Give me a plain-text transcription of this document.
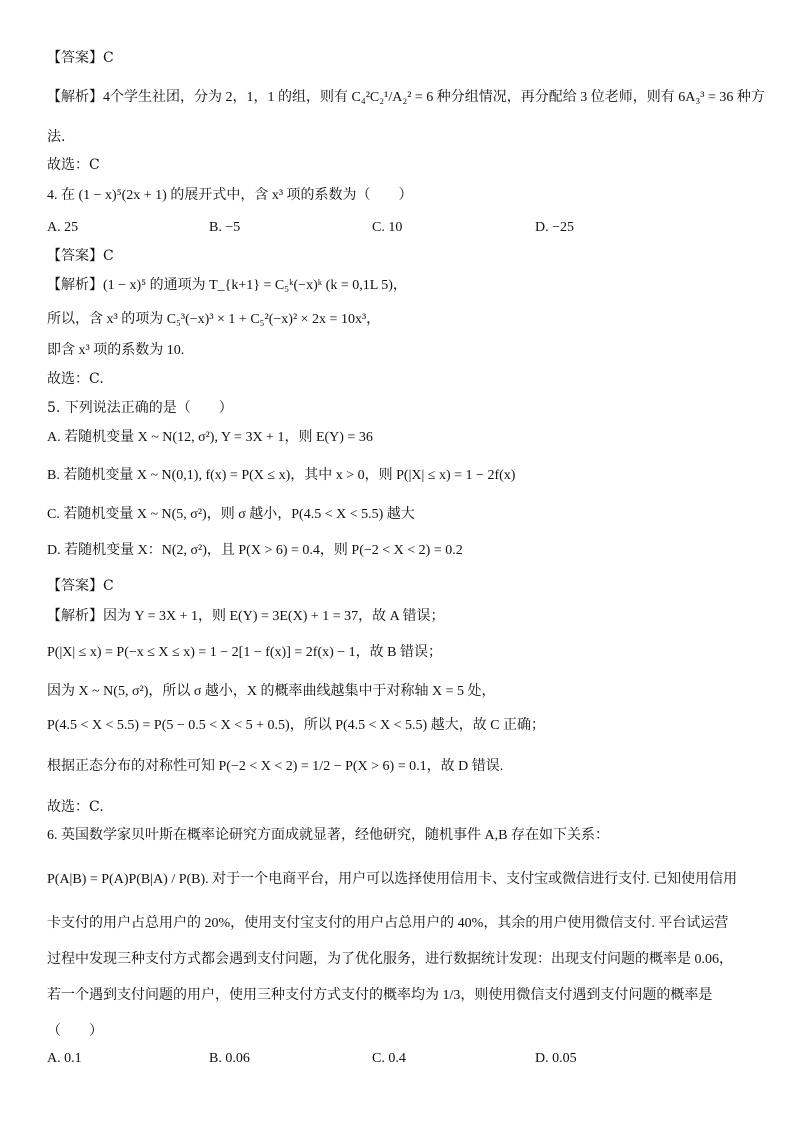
【答案】C
【解析】4个学生社团，分为 2，1，1 的组，则有 C₄²C₂¹/A₂² = 6 种分组情况，再分配给 3 位老师，则有 6A₃³ = 36 种方
法.
故选：C
4. 在 (1 − x)⁵(2x + 1) 的展开式中，含 x³ 项的系数为（　　）
A. 25	B. −5	C. 10	D. −25
【答案】C
【解析】(1 − x)⁵ 的通项为 T_{k+1} = C₅ᵏ(−x)ᵏ (k = 0,1L 5)，
所以，含 x³ 的项为 C₅³(−x)³ × 1 + C₅²(−x)² × 2x = 10x³，
即含 x³ 项的系数为 10.
故选：C.
5. 下列说法正确的是（　　）
A. 若随机变量 X ~ N(12, σ²), Y = 3X + 1，则 E(Y) = 36
B. 若随机变量 X ~ N(0,1), f(x) = P(X ≤ x)，其中 x > 0，则 P(|X| ≤ x) = 1 − 2f(x)
C. 若随机变量 X ~ N(5, σ²)，则 σ 越小，P(4.5 < X < 5.5) 越大
D. 若随机变量 X：N(2, σ²)，且 P(X > 6) = 0.4，则 P(−2 < X < 2) = 0.2
【答案】C
【解析】因为 Y = 3X + 1，则 E(Y) = 3E(X) + 1 = 37，故 A 错误；
P(|X| ≤ x) = P(−x ≤ X ≤ x) = 1 − 2[1 − f(x)] = 2f(x) − 1，故 B 错误；
因为 X ~ N(5, σ²)，所以 σ 越小，X 的概率曲线越集中于对称轴 X = 5 处，
P(4.5 < X < 5.5) = P(5 − 0.5 < X < 5 + 0.5)，所以 P(4.5 < X < 5.5) 越大，故 C 正确；
根据正态分布的对称性可知 P(−2 < X < 2) = 1/2 − P(X > 6) = 0.1，故 D 错误.
故选：C.
6. 英国数学家贝叶斯在概率论研究方面成就显著，经他研究，随机事件 A,B 存在如下关系：
P(A|B) = P(A)P(B|A) / P(B). 对于一个电商平台，用户可以选择使用信用卡、支付宝或微信进行支付. 已知使用信用
卡支付的用户占总用户的 20%，使用支付宝支付的用户占总用户的 40%，其余的用户使用微信支付. 平台试运营
过程中发现三种支付方式都会遇到支付问题，为了优化服务，进行数据统计发现：出现支付问题的概率是 0.06，
若一个遇到支付问题的用户，使用三种支付方式支付的概率均为 1/3，则使用微信支付遇到支付问题的概率是
（　　）
A. 0.1	B. 0.06	C. 0.4	D. 0.05
